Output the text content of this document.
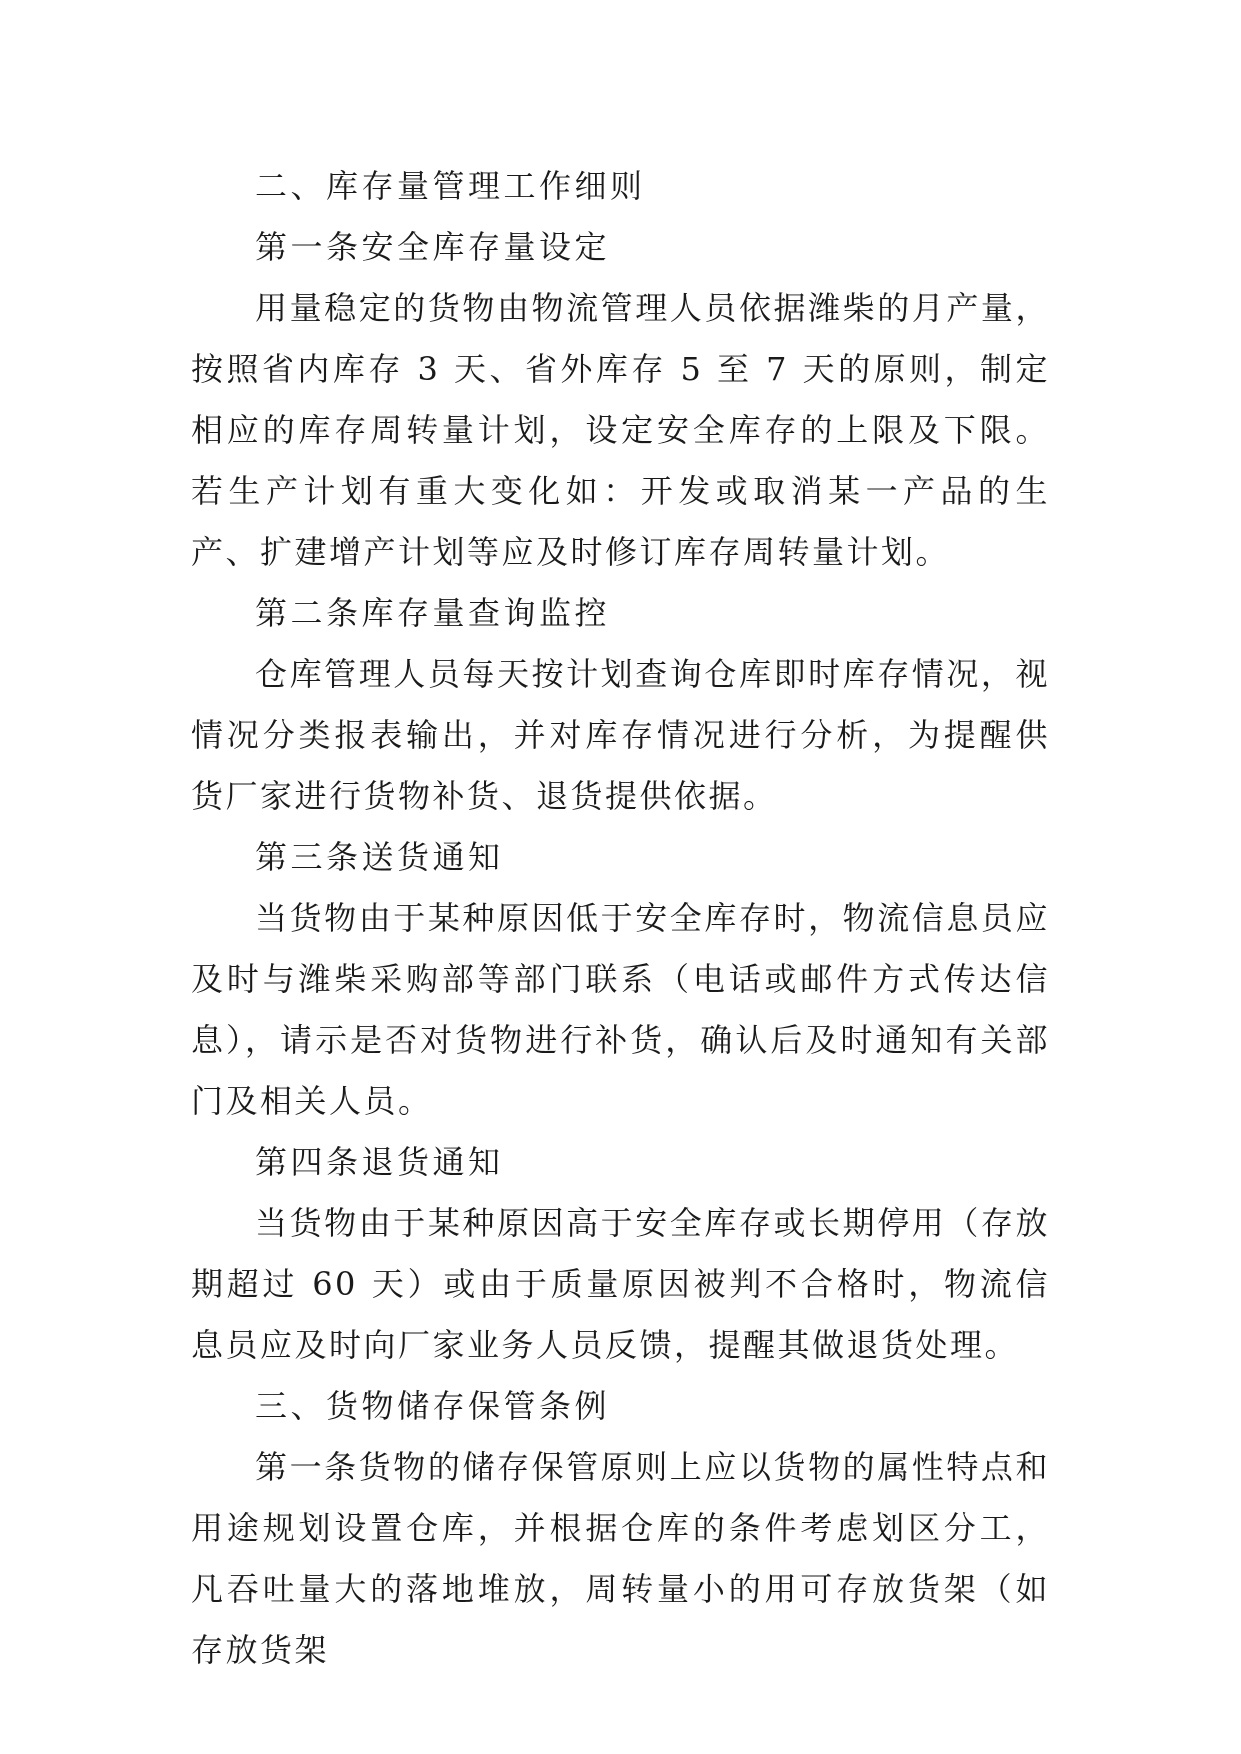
二、库存量管理工作细则

第一条安全库存量设定

用量稳定的货物由物流管理人员依据潍柴的月产量，按照省内库存 3 天、省外库存 5 至 7 天的原则，制定相应的库存周转量计划，设定安全库存的上限及下限。若生产计划有重大变化如：开发或取消某一产品的生产、扩建增产计划等应及时修订库存周转量计划。

第二条库存量查询监控

仓库管理人员每天按计划查询仓库即时库存情况，视情况分类报表输出，并对库存情况进行分析，为提醒供货厂家进行货物补货、退货提供依据。

第三条送货通知

当货物由于某种原因低于安全库存时，物流信息员应及时与潍柴采购部等部门联系（电话或邮件方式传达信息），请示是否对货物进行补货，确认后及时通知有关部门及相关人员。

第四条退货通知

当货物由于某种原因高于安全库存或长期停用（存放期超过 60 天）或由于质量原因被判不合格时，物流信息员应及时向厂家业务人员反馈，提醒其做退货处理。

三、货物储存保管条例

第一条货物的储存保管原则上应以货物的属性特点和用途规划设置仓库，并根据仓库的条件考虑划区分工，凡吞吐量大的落地堆放，周转量小的用可存放货架（如存放货架
